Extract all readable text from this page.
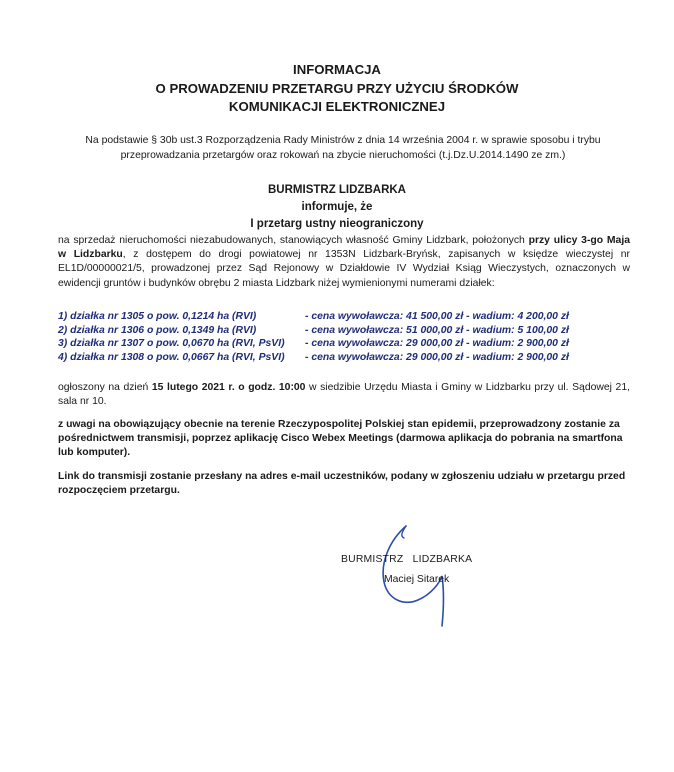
INFORMACJA
O PROWADZENIU PRZETARGU PRZY UŻYCIU ŚRODKÓW
KOMUNIKACJI ELEKTRONICZNEJ
Na podstawie § 30b ust.3 Rozporządzenia Rady Ministrów z dnia 14 września 2004 r. w sprawie sposobu i trybu
przeprowadzania przetargów oraz rokowań na zbycie nieruchomości (t.j.Dz.U.2014.1490 ze zm.)
BURMISTRZ LIDZBARKA
informuje, że
I przetarg ustny nieograniczony
na sprzedaż nieruchomości niezabudowanych, stanowiących własność Gminy Lidzbark, położonych przy ulicy 3-go Maja w Lidzbarku, z dostępem do drogi powiatowej nr 1353N Lidzbark-Bryńsk, zapisanych w księdze wieczystej nr EL1D/00000021/5, prowadzonej przez Sąd Rejonowy w Działdowie IV Wydział Ksiąg Wieczystych, oznaczonych w ewidencji gruntów i budynków obrębu 2 miasta Lidzbark niżej wymienionymi numerami działek:
1) działka nr 1305 o pow. 0,1214 ha (RVI)	- cena wywoławcza: 41 500,00 zł - wadium: 4 200,00 zł
2) działka nr 1306 o pow. 0,1349 ha (RVI)	- cena wywoławcza: 51 000,00 zł - wadium: 5 100,00 zł
3) działka nr 1307 o pow. 0,0670 ha (RVI, PsVI) - cena wywoławcza: 29 000,00 zł - wadium: 2 900,00 zł
4) działka nr 1308 o pow. 0,0667 ha (RVI, PsVI) - cena wywoławcza: 29 000,00 zł - wadium: 2 900,00 zł
ogłoszony na dzień 15 lutego 2021 r. o godz. 10:00 w siedzibie Urzędu Miasta i Gminy w Lidzbarku przy ul. Sądowej 21, sala nr 10.
z uwagi na obowiązujący obecnie na terenie Rzeczypospolitej Polskiej stan epidemii, przeprowadzony zostanie za pośrednictwem transmisji, poprzez aplikację Cisco Webex Meetings (darmowa aplikacja do pobrania na smartfona lub komputer).
Link do transmisji zostanie przesłany na adres e-mail uczestników, podany w zgłoszeniu udziału w przetargu przed rozpoczęciem przetargu.
BURMISTRZ   LIDZBARKA
Maciej Sitarek
